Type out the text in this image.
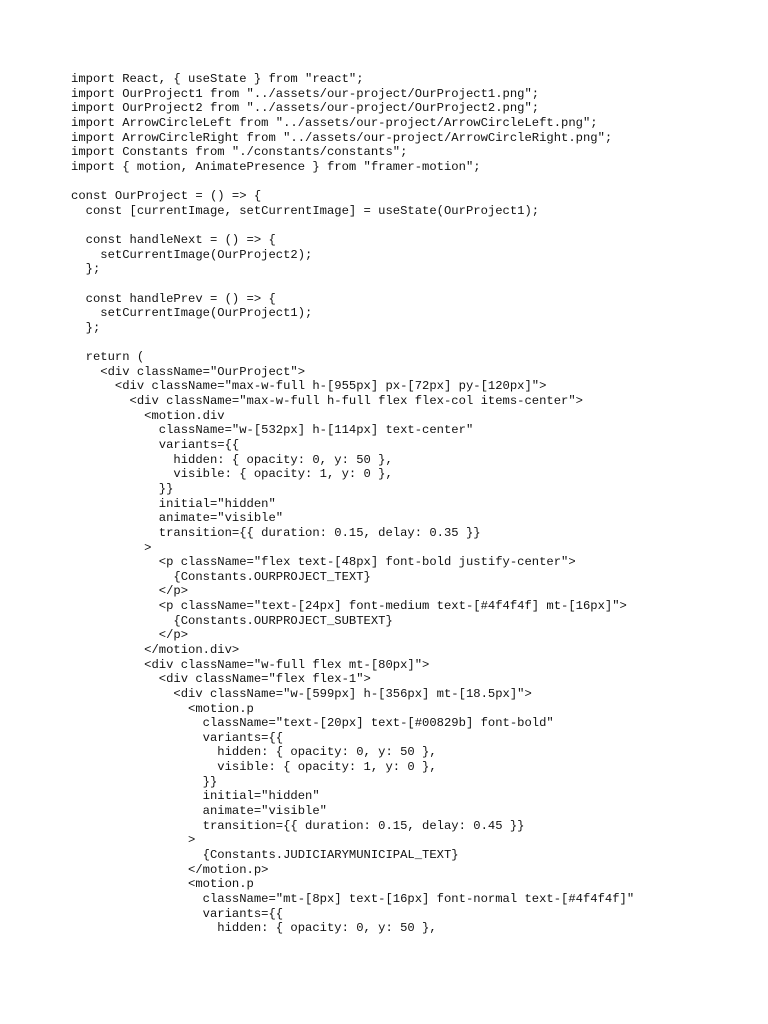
import React, { useState } from "react";
import OurProject1 from "../assets/our-project/OurProject1.png";
import OurProject2 from "../assets/our-project/OurProject2.png";
import ArrowCircleLeft from "../assets/our-project/ArrowCircleLeft.png";
import ArrowCircleRight from "../assets/our-project/ArrowCircleRight.png";
import Constants from "./constants/constants";
import { motion, AnimatePresence } from "framer-motion";
const OurProject = () => {
const [currentImage, setCurrentImage] = useState(OurProject1);
const handleNext = () => {
setCurrentImage(OurProject2);
};
const handlePrev = () => {
setCurrentImage(OurProject1);
};
return (
<div className="OurProject">
<div className="max-w-full h-[955px] px-[72px] py-[120px]">
<div className="max-w-full h-full flex flex-col items-center">
<motion.div
className="w-[532px] h-[114px] text-center"
variants={{
hidden: { opacity: 0, y: 50 },
visible: { opacity: 1, y: 0 },
}}
initial="hidden"
animate="visible"
transition={{ duration: 0.15, delay: 0.35 }}
>
<p className="flex text-[48px] font-bold justify-center">
{Constants.OURPROJECT_TEXT}
</p>
<p className="text-[24px] font-medium text-[#4f4f4f] mt-[16px]">
{Constants.OURPROJECT_SUBTEXT}
</p>
</motion.div>
<div className="w-full flex mt-[80px]">
<div className="flex flex-1">
<div className="w-[599px] h-[356px] mt-[18.5px]">
<motion.p
className="text-[20px] text-[#00829b] font-bold"
variants={{
hidden: { opacity: 0, y: 50 },
visible: { opacity: 1, y: 0 },
}}
initial="hidden"
animate="visible"
transition={{ duration: 0.15, delay: 0.45 }}
>
{Constants.JUDICIARYMUNICIPAL_TEXT}
</motion.p>
<motion.p
className="mt-[8px] text-[16px] font-normal text-[#4f4f4f]"
variants={{
hidden: { opacity: 0, y: 50 },
